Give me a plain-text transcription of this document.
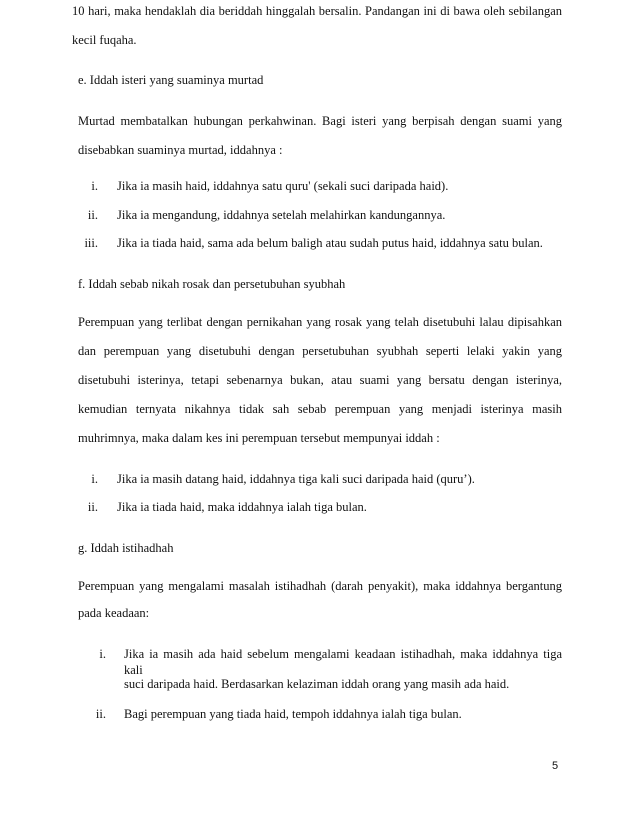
10 hari, maka hendaklah dia beriddah hinggalah bersalin. Pandangan ini di bawa oleh sebilangan
kecil fuqaha.
e. Iddah isteri yang suaminya murtad
Murtad membatalkan hubungan perkahwinan. Bagi isteri yang berpisah dengan suami yang
disebabkan suaminya murtad, iddahnya :
i. Jika ia masih haid, iddahnya satu quru' (sekali suci daripada haid).
ii. Jika ia mengandung, iddahnya setelah melahirkan kandungannya.
iii. Jika ia tiada haid, sama ada belum baligh atau sudah putus haid, iddahnya satu bulan.
f. Iddah sebab nikah rosak dan persetubuhan syubhah
Perempuan yang terlibat dengan pernikahan yang rosak yang telah disetubuhi lalau dipisahkan
dan perempuan yang disetubuhi dengan persetubuhan syubhah seperti lelaki yakin yang
disetubuhi isterinya, tetapi sebenarnya bukan, atau suami yang bersatu dengan isterinya,
kemudian ternyata nikahnya tidak sah sebab perempuan yang menjadi isterinya masih
muhrimnya, maka dalam kes ini perempuan tersebut mempunyai iddah :
i. Jika ia masih datang haid, iddahnya tiga kali suci daripada haid (quru’).
ii. Jika ia tiada haid, maka iddahnya ialah tiga bulan.
g. Iddah istihadhah
Perempuan yang mengalami masalah istihadhah (darah penyakit), maka iddahnya bergantung
pada keadaan:
i. Jika ia masih ada haid sebelum mengalami keadaan istihadhah, maka iddahnya tiga kali
suci daripada haid. Berdasarkan kelaziman iddah orang yang masih ada haid.
ii. Bagi perempuan yang tiada haid, tempoh iddahnya ialah tiga bulan.
5
